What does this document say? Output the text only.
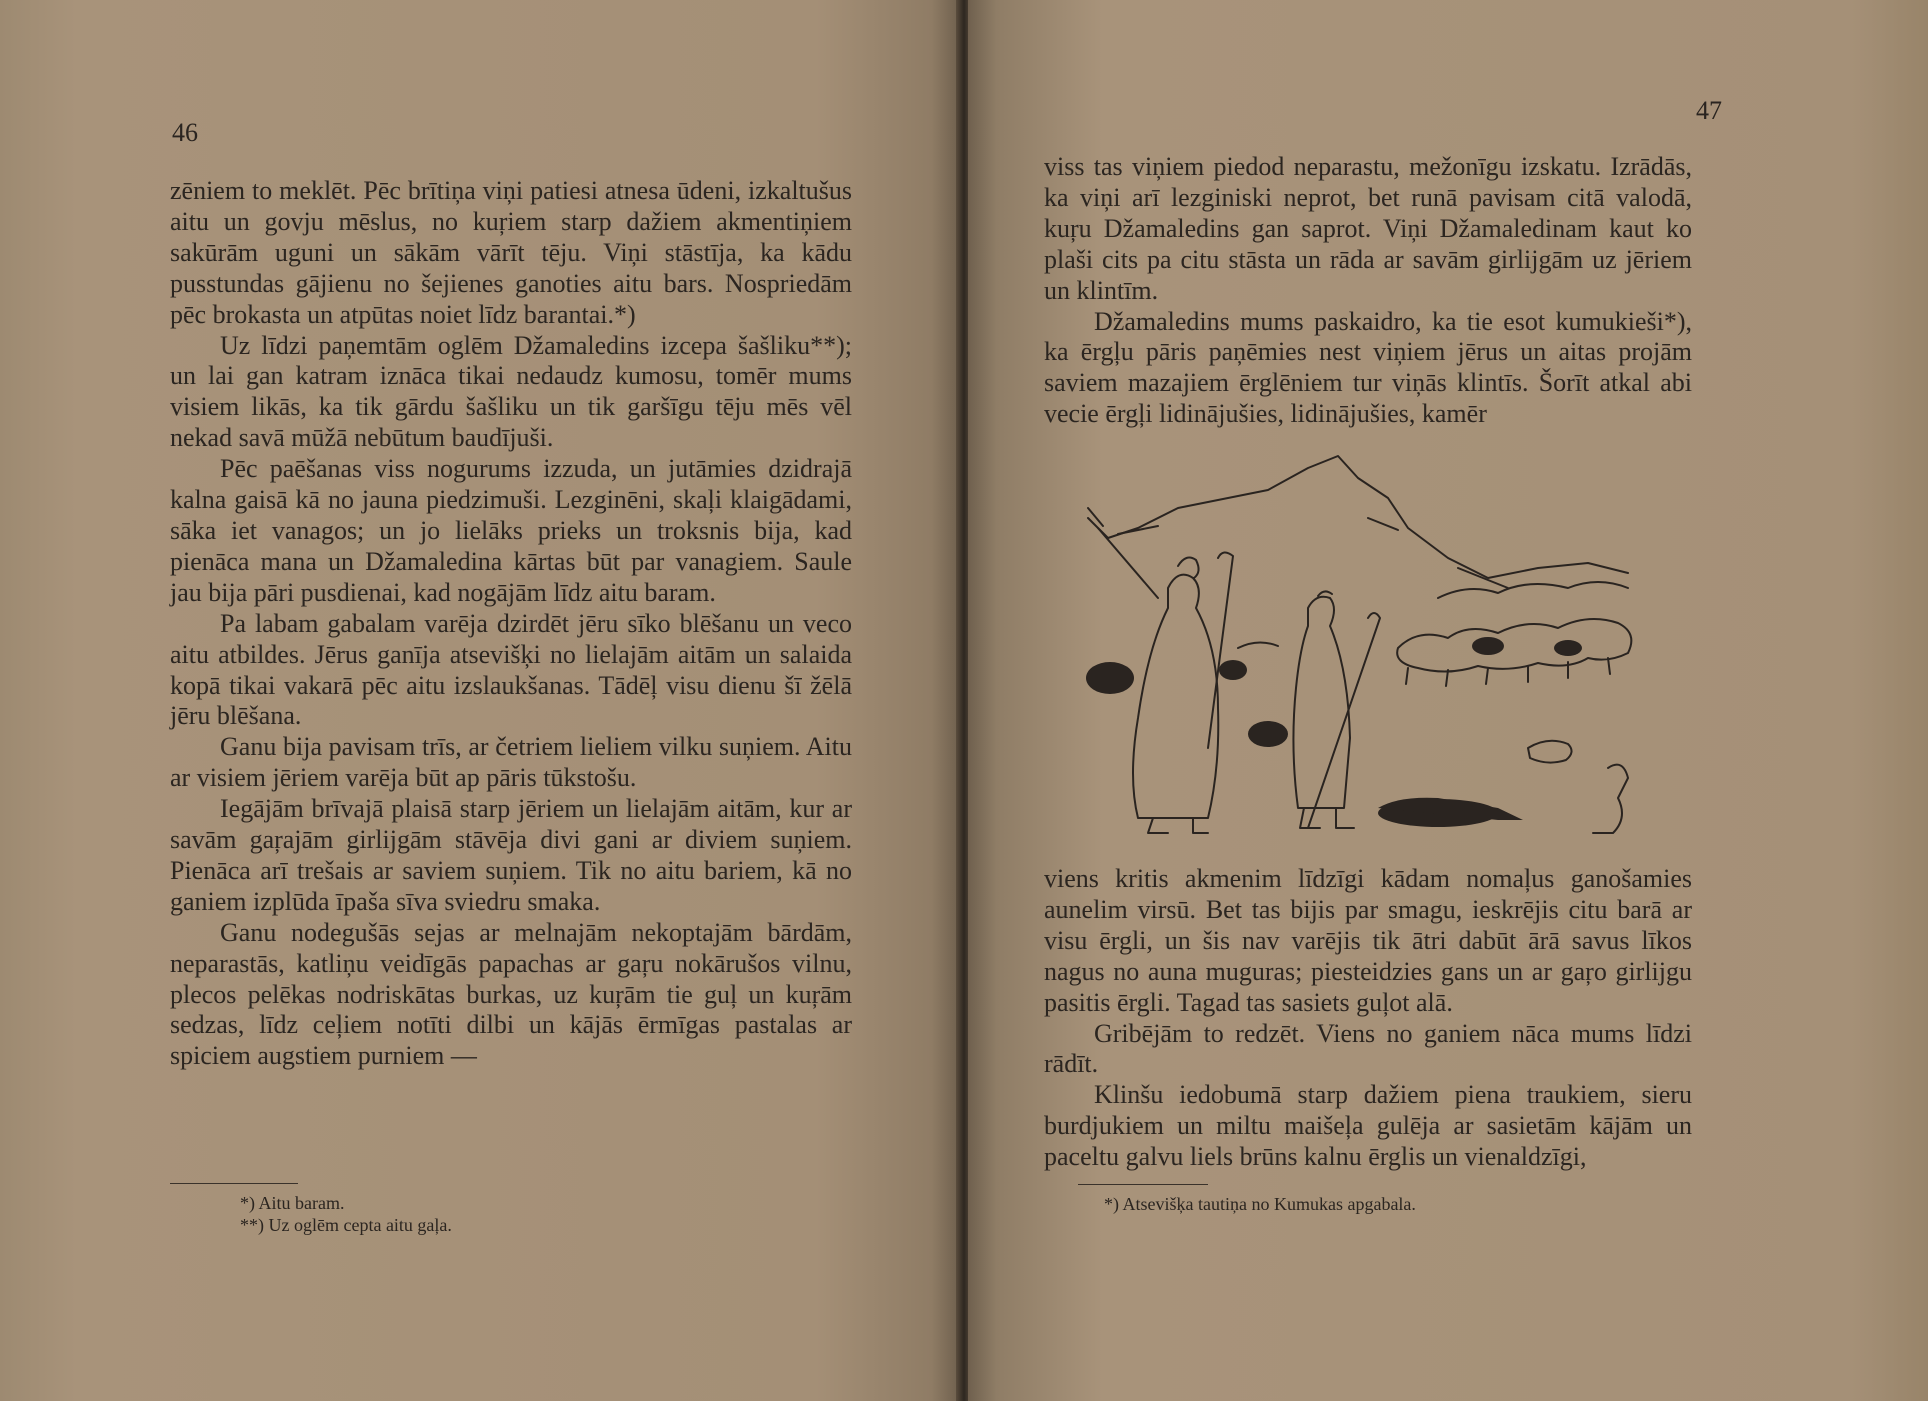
46

zēniem to meklēt. Pēc brītiņa viņi patiesi atnesa ūdeni, izkaltušus aitu un govju mēslus, no kuŗiem starp dažiem akmentiņiem sakūrām uguni un sākām vārīt tēju. Viņi stāstīja, ka kādu pusstundas gājienu no šejienes ganoties aitu bars. Nospriedām pēc brokasta un atpūtas noiet līdz barantai.*)

Uz līdzi paņemtām oglēm Džamaledins izcepa šašliku**); un lai gan katram iznāca tikai nedaudz kumosu, tomēr mums visiem likās, ka tik gārdu šašliku un tik garšīgu tēju mēs vēl nekad savā mūžā nebūtum baudījuši.

Pēc paēšanas viss nogurums izzuda, un jutāmies dzidrajā kalna gaisā kā no jauna piedzimuši. Lezginēni, skaļi klaigādami, sāka iet vanagos; un jo lielāks prieks un troksnis bija, kad pienāca mana un Džamaledina kārtas būt par vanagiem. Saule jau bija pāri pusdienai, kad nogājām līdz aitu baram.

Pa labam gabalam varēja dzirdēt jēru sīko blēšanu un veco aitu atbildes. Jērus ganīja atsevišķi no lielajām aitām un salaida kopā tikai vakarā pēc aitu izslaukšanas. Tādēļ visu dienu šī žēlā jēru blēšana.

Ganu bija pavisam trīs, ar četriem lieliem vilku suņiem. Aitu ar visiem jēriem varēja būt ap pāris tūkstošu.

Iegājām brīvajā plaisā starp jēriem un lielajām aitām, kur ar savām gaŗajām girlijgām stāvēja divi gani ar diviem suņiem. Pienāca arī trešais ar saviem suņiem. Tik no aitu bariem, kā no ganiem izplūda īpaša sīva sviedru smaka.

Ganu nodegušās sejas ar melnajām nekoptajām bārdām, neparastās, katliņu veidīgās papachas ar gaŗu nokārušos vilnu, plecos pelēkas nodriskātas burkas, uz kuŗām tie guļ un kuŗām sedzas, līdz ceļiem notīti dilbi un kājās ērmīgas pastalas ar spiciem augstiem purniem —

*) Aitu baram.
**) Uz oglēm cepta aitu gaļa.
47

viss tas viņiem piedod neparastu, mežonīgu izskatu. Izrādās, ka viņi arī lezginiski neprot, bet runā pavisam citā valodā, kuŗu Džamaledins gan saprot. Viņi Džamaledinam kaut ko plaši cits pa citu stāsta un rāda ar savām girlijgām uz jēriem un klintīm.

Džamaledins mums paskaidro, ka tie esot kumukieši*), ka ērgļu pāris paņēmies nest viņiem jērus un aitas projām saviem mazajiem ērglēniem tur viņās klintīs. Šorīt atkal abi vecie ērgļi lidinājušies, lidinājušies, kamēr

viens kritis akmenim līdzīgi kādam nomaļus ganošamies aunelim virsū. Bet tas bijis par smagu, ieskrējis citu barā ar visu ērgli, un šis nav varējis tik ātri dabūt ārā savus līkos nagus no auna muguras; piesteidzies gans un ar gaŗo girlijgu pasitis ērgli. Tagad tas sasiets guļot alā.

Gribējām to redzēt. Viens no ganiem nāca mums līdzi rādīt.

Klinšu iedobumā starp dažiem piena traukiem, sieru burdjukiem un miltu maišeļa gulēja ar sasietām kājām un paceltu galvu liels brūns kalnu ērglis un vienaldzīgi,

*) Atsevišķa tautiņa no Kumukas apgabala.
